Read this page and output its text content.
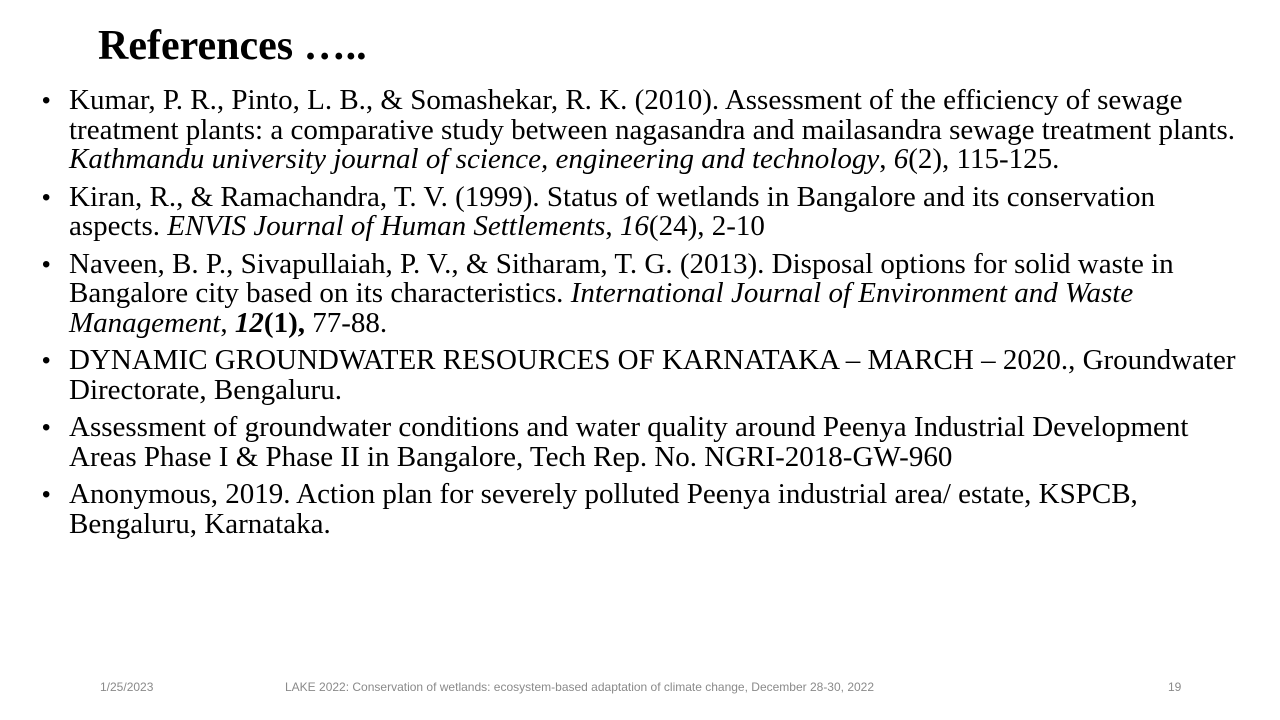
References …..
• Kumar, P. R., Pinto, L. B., & Somashekar, R. K. (2010). Assessment of the efficiency of sewage treatment plants: a comparative study between nagasandra and mailasandra sewage treatment plants. Kathmandu university journal of science, engineering and technology, 6(2), 115-125.
• Kiran, R., & Ramachandra, T. V. (1999). Status of wetlands in Bangalore and its conservation aspects. ENVIS Journal of Human Settlements, 16(24), 2-10
• Naveen, B. P., Sivapullaiah, P. V., & Sitharam, T. G. (2013). Disposal options for solid waste in Bangalore city based on its characteristics. International Journal of Environment and Waste Management, 12(1), 77-88.
• DYNAMIC GROUNDWATER RESOURCES OF KARNATAKA – MARCH – 2020., Groundwater Directorate, Bengaluru.
• Assessment of groundwater conditions and water quality around Peenya Industrial Development Areas Phase I & Phase II in Bangalore, Tech Rep. No. NGRI-2018-GW-960
• Anonymous, 2019. Action plan for severely polluted Peenya industrial area/ estate, KSPCB, Bengaluru, Karnataka.
1/25/2023	LAKE 2022: Conservation of wetlands: ecosystem-based adaptation of climate change, December 28-30, 2022	19
